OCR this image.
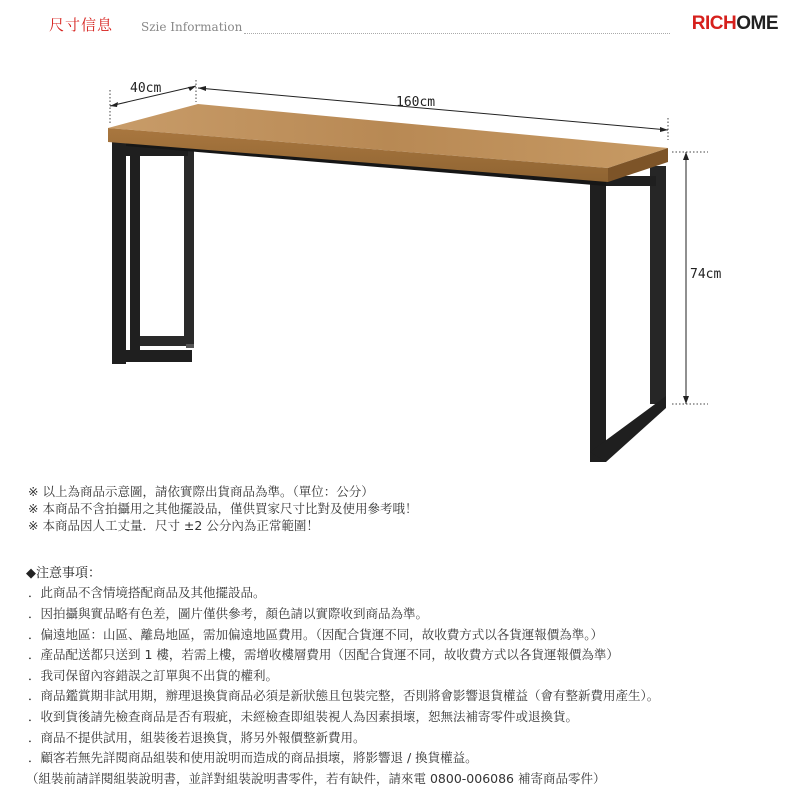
尺寸信息 Szie Information	RICHOME
40cm
160cm
74cm
※ 以上為商品示意圖，請依實際出貨商品為準。（單位：公分）
※ 本商品不含拍攝用之其他擺設品，僅供買家尺寸比對及使用參考哦！
※ 本商品因人工丈量．尺寸 ±2 公分內為正常範圍！
◆注意事項：
．此商品不含情境搭配商品及其他擺設品。
．因拍攝與實品略有色差，圖片僅供參考，顏色請以實際收到商品為準。
．偏遠地區：山區、離島地區，需加偏遠地區費用。（因配合貨運不同，故收費方式以各貨運報價為準。）
．產品配送都只送到 1 樓，若需上樓，需增收樓層費用（因配合貨運不同，故收費方式以各貨運報價為準）
．我司保留內容錯誤之訂單與不出貨的權利。
．商品鑑賞期非試用期，辦理退換貨商品必須是新狀態且包裝完整，否則將會影響退貨權益（會有整新費用產生）。
．收到貨後請先檢查商品是否有瑕疵，未經檢查即組裝視人為因素損壞，恕無法補寄零件或退換貨。
．商品不提供試用，組裝後若退換貨，將另外報價整新費用。
．顧客若無先詳閱商品組裝和使用說明而造成的商品損壞，將影響退 / 換貨權益。
（組裝前請詳閱組裝說明書，並詳對組裝說明書零件，若有缺件，請來電 0800-006086 補寄商品零件）
